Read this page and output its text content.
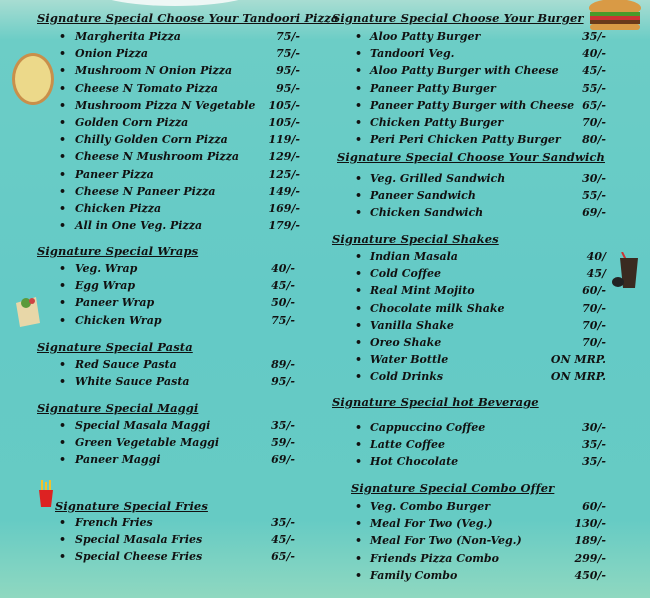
Signature Special Choose Your Tandoori Pizza
• Margherita Pizza	75/-
• Onion Pizza	75/-
• Mushroom N Onion Pizza	95/-
• Cheese N Tomato Pizza	95/-
• Mushroom Pizza N Vegetable 105/-
• Golden Corn Pizza	105/-
• Chilly Golden Corn Pizza	119/-
• Cheese N Mushroom Pizza	129/-
• Paneer Pizza	125/-
• Cheese N Paneer Pizza	149/-
• Chicken Pizza	169/-
• All in One Veg. Pizza	179/-
Signature Special Wraps
• Veg. Wrap	40/-
• Egg Wrap	45/-
• Paneer Wrap	50/-
• Chicken Wrap	75/-
Signature Special Pasta
• Red Sauce Pasta	89/-
• White Sauce Pasta	95/-
Signature Special Maggi
• Special Masala Maggi	35/-
• Green Vegetable Maggi	59/-
• Paneer Maggi	69/-
Signature Special Fries
• French Fries	35/-
• Special Masala Fries	45/-
• Special Cheese Fries	65/-
Signature Special Choose Your Burger
• Aloo Patty Burger	35/-
• Tandoori Veg.	40/-
• Aloo Patty Burger with Cheese 45/-
• Paneer Patty Burger	55/-
• Paneer Patty Burger with Cheese 65/-
• Chicken Patty Burger	70/-
• Peri Peri Chicken Patty Burger 80/-
Signature Special Choose Your Sandwich
• Veg. Grilled Sandwich	30/-
• Paneer Sandwich	55/-
• Chicken Sandwich	69/-
Signature Special Shakes
• Indian Masala	40/
• Cold Coffee	45/
• Real Mint Mojito	60/-
• Chocolate milk Shake	70/-
• Vanilla Shake	70/-
• Oreo Shake	70/-
• Water Bottle	ON MRP.
• Cold Drinks	ON MRP.
Signature Special hot Beverage
• Cappuccino Coffee	30/-
• Latte Coffee	35/-
• Hot Chocolate	35/-
Signature Special Combo Offer
• Veg. Combo Burger	60/-
• Meal For Two (Veg.)	130/-
• Meal For Two (Non-Veg.)	189/-
• Friends Pizza Combo	299/-
• Family Combo	450/-
